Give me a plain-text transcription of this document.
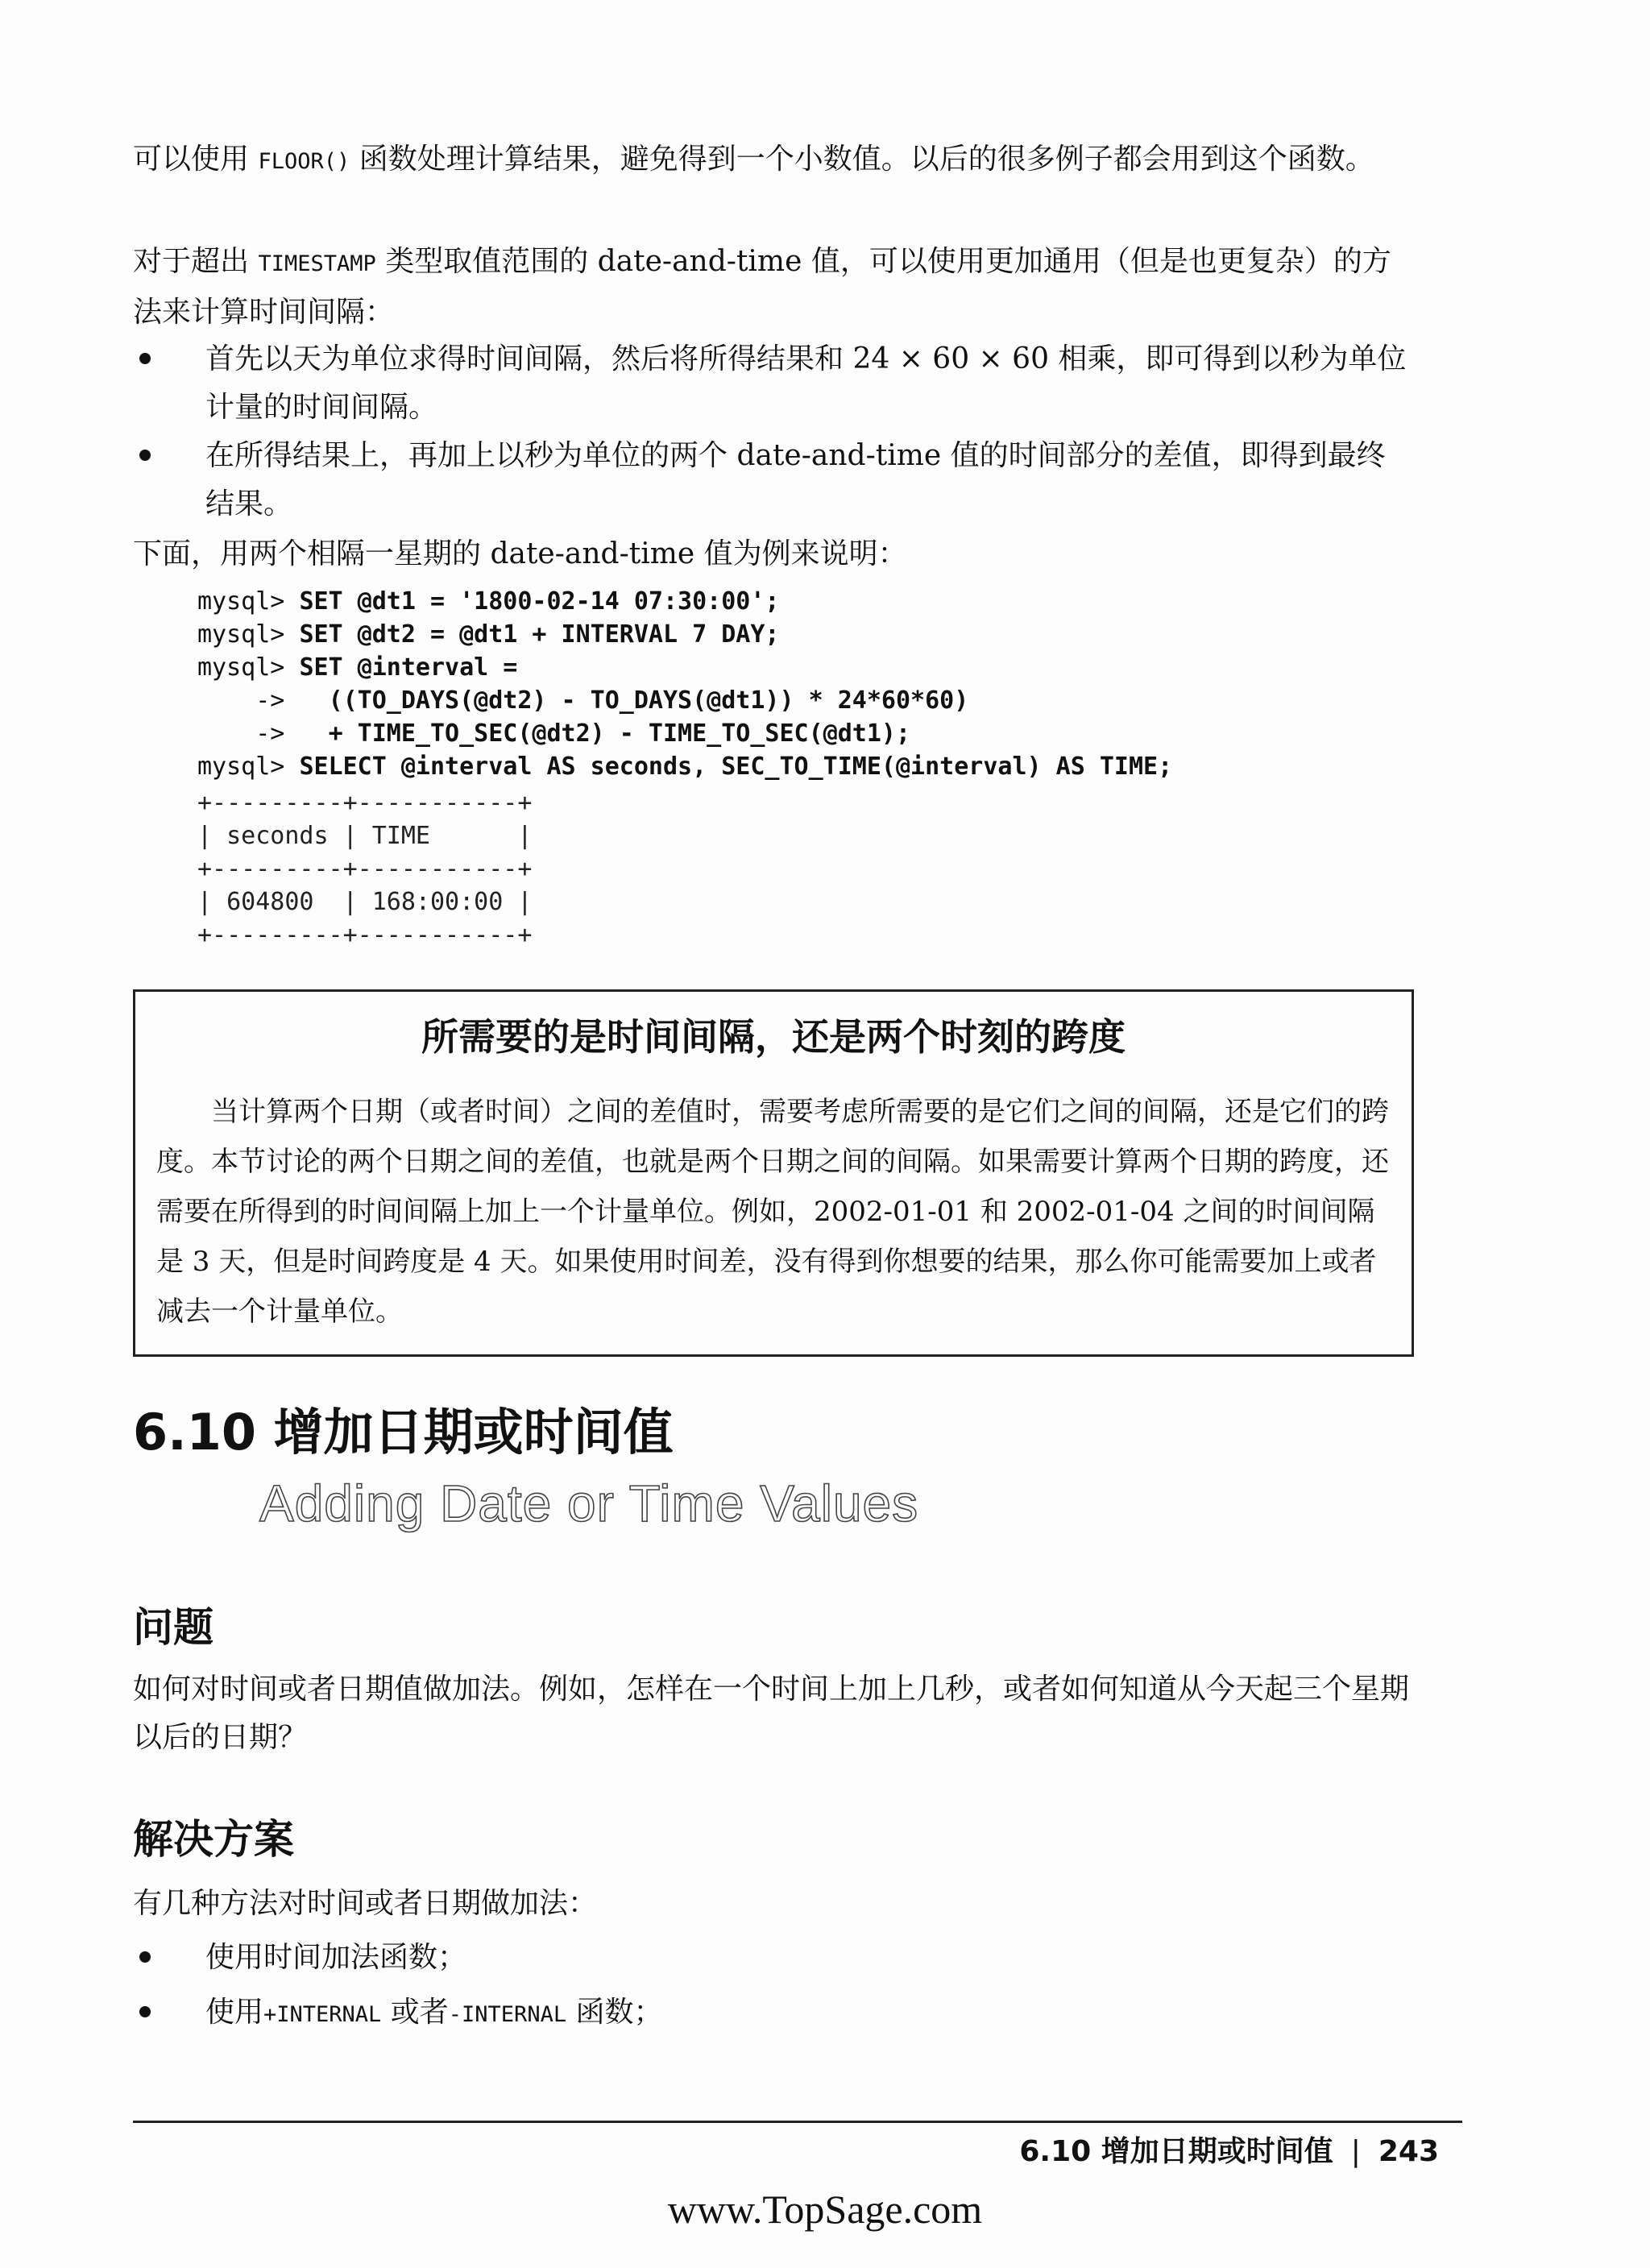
可以使用 FLOOR() 函数处理计算结果，避免得到一个小数值。以后的很多例子都会用到这个函数。

对于超出 TIMESTAMP 类型取值范围的 date-and-time 值，可以使用更加通用（但是也更复杂）的方法来计算时间间隔：

首先以天为单位求得时间间隔，然后将所得结果和 24 × 60 × 60 相乘，即可得到以秒为单位计量的时间间隔。
在所得结果上，再加上以秒为单位的两个 date-and-time 值的时间部分的差值，即得到最终结果。

下面，用两个相隔一星期的 date-and-time 值为例来说明：

mysql> SET @dt1 = '1800-02-14 07:30:00';
mysql> SET @dt2 = @dt1 + INTERVAL 7 DAY;
mysql> SET @interval =
->   ((TO_DAYS(@dt2) - TO_DAYS(@dt1)) * 24*60*60)
->   + TIME_TO_SEC(@dt2) - TIME_TO_SEC(@dt1);
mysql> SELECT @interval AS seconds, SEC_TO_TIME(@interval) AS TIME;
+---------+-----------+
| seconds | TIME      |
+---------+-----------+
| 604800  | 168:00:00 |
+---------+-----------+
所需要的是时间间隔，还是两个时刻的跨度

当计算两个日期（或者时间）之间的差值时，需要考虑所需要的是它们之间的间隔，还是它们的跨度。本节讨论的两个日期之间的差值，也就是两个日期之间的间隔。如果需要计算两个日期的跨度，还需要在所得到的时间间隔上加上一个计量单位。例如，2002-01-01 和 2002-01-04 之间的时间间隔是 3 天，但是时间跨度是 4 天。如果使用时间差，没有得到你想要的结果，那么你可能需要加上或者减去一个计量单位。

6.10 增加日期或时间值
Adding Date or Time Values
问题

如何对时间或者日期值做加法。例如，怎样在一个时间上加上几秒，或者如何知道从今天起三个星期以后的日期？

解决方案

有几种方法对时间或者日期做加法：

使用时间加法函数；
使用+INTERNAL 或者-INTERNAL 函数；
6.10 增加日期或时间值 | 243
www.TopSage.com
